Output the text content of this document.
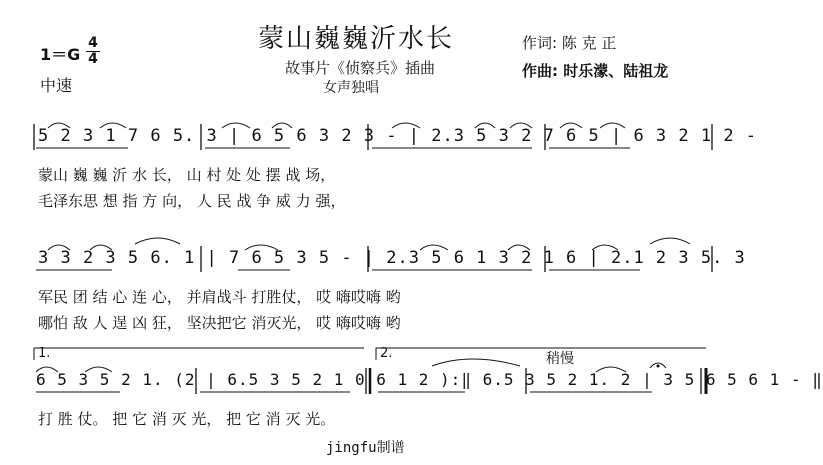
蒙山巍巍沂水长
故事片《侦察兵》插曲
女声独唱
作词: 陈 克 正
作曲: 时乐濛、陆祖龙
1＝G
4
4
中速
5 2 3 1 7 6 5. 3 | 6 5 6 3 2 3 - | 2.3 5 3 2 7 6 5 | 6 3 2 1 2 -
蒙山 巍 巍 沂 水 长， 山 村 处 处 摆 战 场，
毛泽东思 想 指 方 向， 人 民 战 争 威 力 强，
3 3 2 3 5 6. 1 | 7 6 5 3 5 - | 2.3 5 6 1 3 2 1 6 | 2.1 2 3 5. 3
军民 团 结 心 连 心， 并肩战斗 打胜仗， 哎 嗨哎嗨 哟
哪怕 敌 人 逞 凶 狂， 坚决把它 消灭光， 哎 嗨哎嗨 哟
1.	2.	稍慢
6 5 3 5 2 1. (2 | 6.5 3 5 2 1 0 6 1 2 ):‖ 6.5 3 5 2 1. 2 | 3 5 6 5 6 1 - ‖
打 胜 仗。 把 它 消 灭 光， 把 它 消 灭 光。
jingfu制谱
